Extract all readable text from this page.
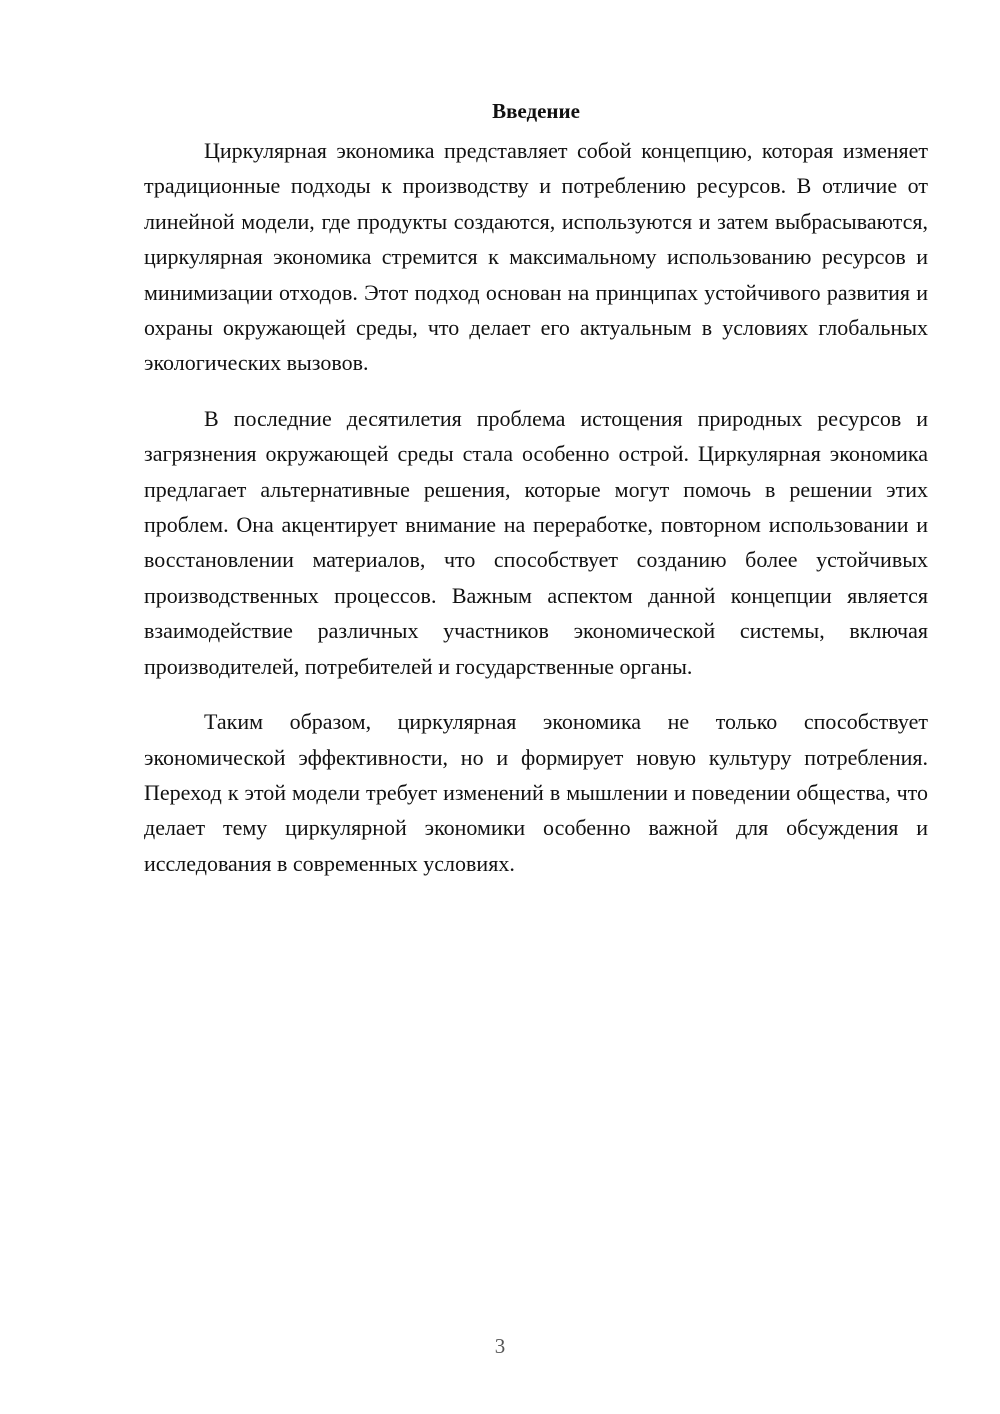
Введение

Циркулярная экономика представляет собой концепцию, которая изменяет традиционные подходы к производству и потреблению ресурсов. В отличие от линейной модели, где продукты создаются, используются и затем выбрасываются, циркулярная экономика стремится к максимальному использованию ресурсов и минимизации отходов. Этот подход основан на принципах устойчивого развития и охраны окружающей среды, что делает его актуальным в условиях глобальных экологических вызовов.

В последние десятилетия проблема истощения природных ресурсов и загрязнения окружающей среды стала особенно острой. Циркулярная экономика предлагает альтернативные решения, которые могут помочь в решении этих проблем. Она акцентирует внимание на переработке, повторном использовании и восстановлении материалов, что способствует созданию более устойчивых производственных процессов. Важным аспектом данной концепции является взаимодействие различных участников экономической системы, включая производителей, потребителей и государственные органы.

Таким образом, циркулярная экономика не только способствует экономической эффективности, но и формирует новую культуру потребления. Переход к этой модели требует изменений в мышлении и поведении общества, что делает тему циркулярной экономики особенно важной для обсуждения и исследования в современных условиях.

3
